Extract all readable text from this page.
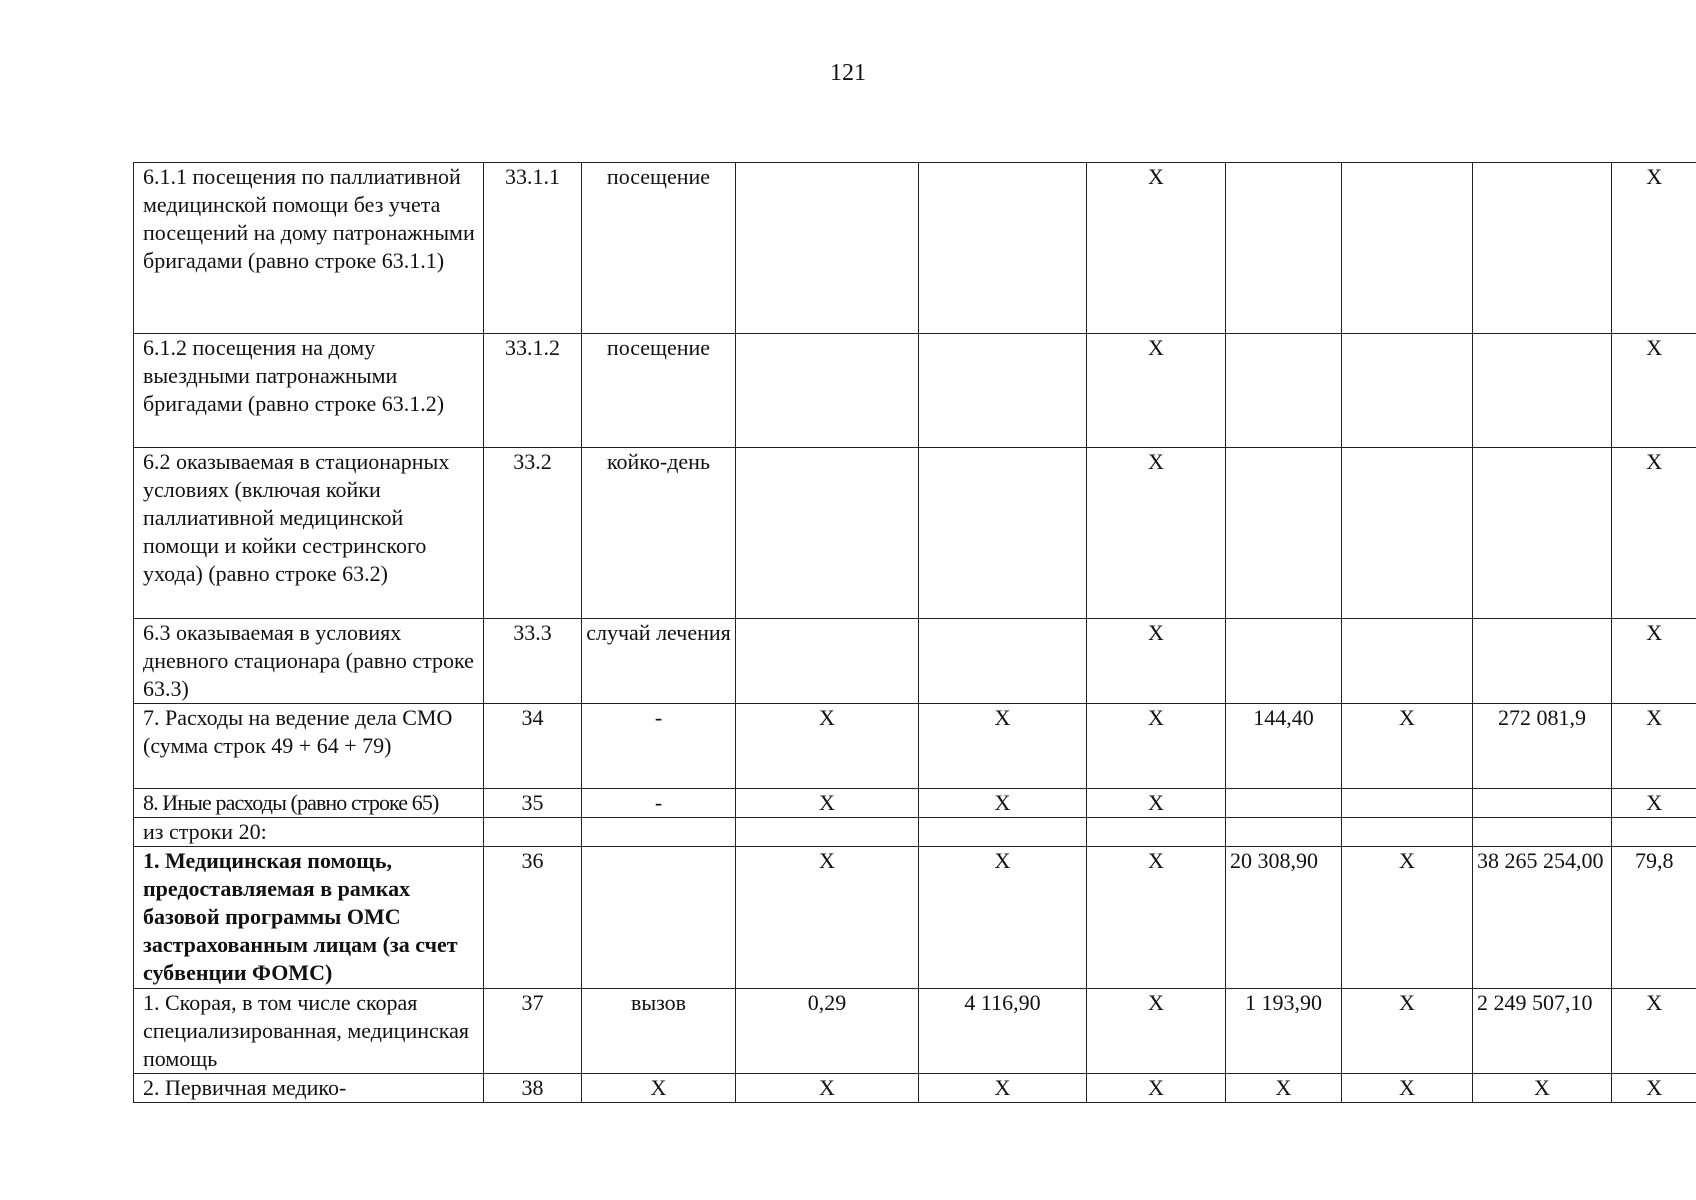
121
6.1.1 посещения по паллиативной медицинской помощи без учета посещений на дому патронажными бригадами (равно строке 63.1.1)	33.1.1	посещение			X				X
6.1.2 посещения на дому выездными патронажными бригадами (равно строке 63.1.2)	33.1.2	посещение			X				X
6.2 оказываемая в стационарных условиях (включая койки паллиативной медицинской помощи и койки сестринского ухода) (равно строке 63.2)	33.2	койко-день			X				X
6.3 оказываемая в условиях дневного стационара (равно строке 63.3)	33.3	случай лечения			X				X
7. Расходы на ведение дела СМО (сумма строк 49 + 64 + 79)	34	-	X	X	X	144,40	X	272 081,9	X
8. Иные расходы (равно строке 65)	35	-	X	X	X				X
из строки 20:									
1. Медицинская помощь, предоставляемая в рамках базовой программы ОМС застрахованным лицам (за счет субвенции ФОМС)	36		X	X	X	20 308,90	X	38 265 254,00	79,8
1. Скорая, в том числе скорая специализированная, медицинская помощь	37	вызов	0,29	4 116,90	X	1 193,90	X	2 249 507,10	X
2. Первичная медико-	38	X	X	X	X	X	X	X	X
